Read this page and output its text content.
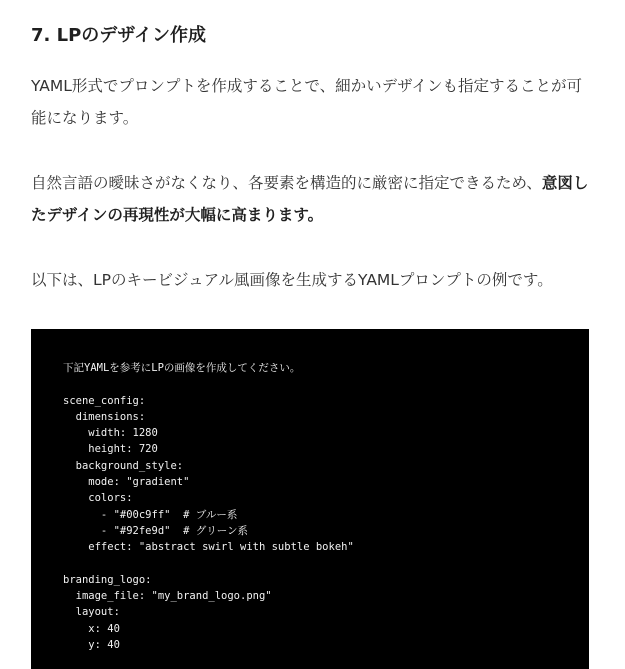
7. LPのデザイン作成

YAML形式でプロンプトを作成することで、細かいデザインも指定することが可能になります。

自然言語の曖昧さがなくなり、各要素を構造的に厳密に指定できるため、意図したデザインの再現性が大幅に高まります。

以下は、LPのキービジュアル風画像を生成するYAMLプロンプトの例です。

下記YAMLを参考にLPの画像を作成してください。

scene_config:
dimensions:
width: 1280
height: 720
background_style:
mode: "gradient"
colors:
- "#00c9ff"  # ブルー系
- "#92fe9d"  # グリーン系
effect: "abstract swirl with subtle bokeh"

branding_logo:
image_file: "my_brand_logo.png"
layout:
x: 40
y: 40
